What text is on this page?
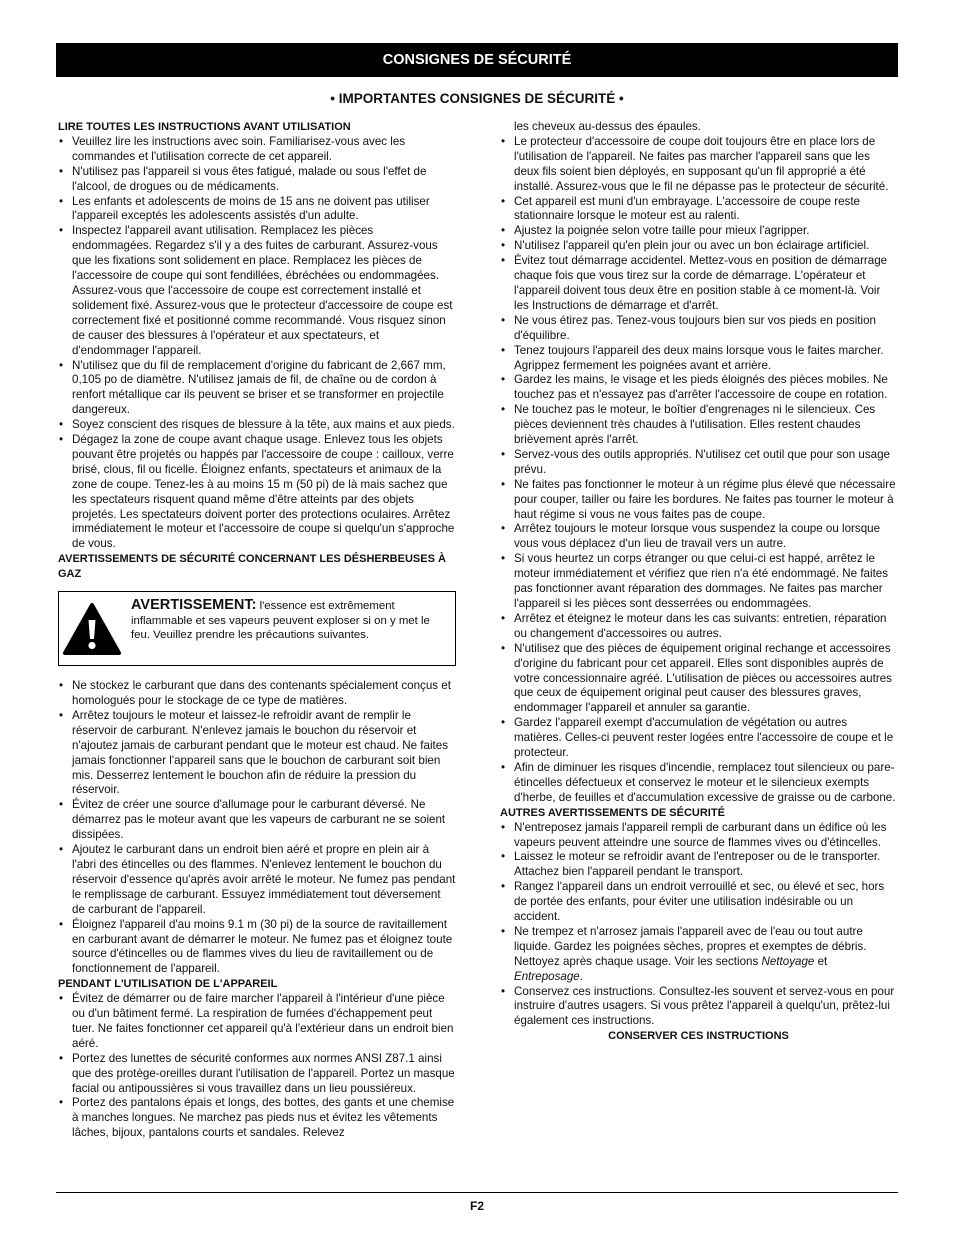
CONSIGNES DE SÉCURITÉ
• IMPORTANTES CONSIGNES DE SÉCURITÉ •

LIRE TOUTES LES INSTRUCTIONS AVANT UTILISATION

• Veuillez lire les instructions avec soin. Familiarisez-vous avec les commandes et l'utilisation correcte de cet appareil.
• N'utilisez pas l'appareil si vous êtes fatigué, malade ou sous l'effet de l'alcool, de drogues ou de médicaments.
• Les enfants et adolescents de moins de 15 ans ne doivent pas utiliser l'appareil exceptés les adolescents assistés d'un adulte.
• Inspectez l'appareil avant utilisation. Remplacez les pièces endommagées. Regardez s'il y a des fuites de carburant. Assurez-vous que les fixations sont solidement en place. Remplacez les pièces de l'accessoire de coupe qui sont fendillées, ébréchées ou endommagées. Assurez-vous que l'accessoire de coupe est correctement installé et solidement fixé. Assurez-vous que le protecteur d'accessoire de coupe est correctement fixé et positionné comme recommandé. Vous risquez sinon de causer des blessures à l'opérateur et aux spectateurs, et d'endommager l'appareil.
• N'utilisez que du fil de remplacement d'origine du fabricant de 2,667 mm, 0,105 po de diamètre. N'utilisez jamais de fil, de chaîne ou de cordon à renfort métallique car ils peuvent se briser et se transformer en projectile dangereux.
• Soyez conscient des risques de blessure à la tête, aux mains et aux pieds.
• Dégagez la zone de coupe avant chaque usage. Enlevez tous les objets pouvant être projetés ou happés par l'accessoire de coupe : cailloux, verre brisé, clous, fil ou ficelle. Éloignez enfants, spectateurs et animaux de la zone de coupe. Tenez-les à au moins 15 m (50 pi) de là mais sachez que les spectateurs risquent quand même d'être atteints par des objets projetés. Les spectateurs doivent porter des protections oculaires. Arrêtez immédiatement le moteur et l'accessoire de coupe si quelqu'un s'approche de vous.

AVERTISSEMENTS DE SÉCURITÉ CONCERNANT LES DÉSHERBEUSES À GAZ

AVERTISSEMENT: l'essence est extrêmement inflammable et ses vapeurs peuvent exploser si on y met le feu. Veuillez prendre les précautions suivantes.
• Ne stockez le carburant que dans des contenants spécialement conçus et homologués pour le stockage de ce type de matières.
• Arrêtez toujours le moteur et laissez-le refroidir avant de remplir le réservoir de carburant. N'enlevez jamais le bouchon du réservoir et n'ajoutez jamais de carburant pendant que le moteur est chaud. Ne faites jamais fonctionner l'appareil sans que le bouchon de carburant soit bien mis. Desserrez lentement le bouchon afin de réduire la pression du réservoir.
• Évitez de créer une source d'allumage pour le carburant déversé. Ne démarrez pas le moteur avant que les vapeurs de carburant ne se soient dissipées.
• Ajoutez le carburant dans un endroit bien aéré et propre en plein air à l'abri des étincelles ou des flammes. N'enlevez lentement le bouchon du réservoir d'essence qu'après avoir arrêté le moteur. Ne fumez pas pendant le remplissage de carburant. Essuyez immédiatement tout déversement de carburant de l'appareil.
• Éloignez l'appareil d'au moins 9.1 m (30 pi) de la source de ravitaillement en carburant avant de démarrer le moteur. Ne fumez pas et éloignez toute source d'étincelles ou de flammes vives du lieu de ravitaillement ou de fonctionnement de l'appareil.

PENDANT L'UTILISATION DE L'APPAREIL

• Évitez de démarrer ou de faire marcher l'appareil à l'intérieur d'une pièce ou d'un bâtiment fermé. La respiration de fumées d'échappement peut tuer. Ne faites fonctionner cet appareil qu'à l'extérieur dans un endroit bien aéré.
• Portez des lunettes de sécurité conformes aux normes ANSI Z87.1 ainsi que des protège-oreilles durant l'utilisation de l'appareil. Portez un masque facial ou antipoussières si vous travaillez dans un lieu poussiéreux.
• Portez des pantalons épais et longs, des bottes, des gants et une chemise à manches longues. Ne marchez pas pieds nus et évitez les vêtements lâches, bijoux, pantalons courts et sandales. Relevez

les cheveux au-dessus des épaules.

• Le protecteur d'accessoire de coupe doit toujours être en place lors de l'utilisation de l'appareil. Ne faites pas marcher l'appareil sans que les deux fils soient bien déployés, en supposant qu'un fil approprié a été installé. Assurez-vous que le fil ne dépasse pas le protecteur de sécurité.
• Cet appareil est muni d'un embrayage. L'accessoire de coupe reste stationnaire lorsque le moteur est au ralenti.
• Ajustez la poignée selon votre taille pour mieux l'agripper.
• N'utilisez l'appareil qu'en plein jour ou avec un bon éclairage artificiel.
• Évitez tout démarrage accidentel. Mettez-vous en position de démarrage chaque fois que vous tirez sur la corde de démarrage. L'opérateur et l'appareil doivent tous deux être en position stable à ce moment-là. Voir les Instructions de démarrage et d'arrêt.
• Ne vous étirez pas. Tenez-vous toujours bien sur vos pieds en position d'équilibre.
• Tenez toujours l'appareil des deux mains lorsque vous le faites marcher. Agrippez fermement les poignées avant et arrière.
• Gardez les mains, le visage et les pieds éloignés des pièces mobiles. Ne touchez pas et n'essayez pas d'arrêter l'accessoire de coupe en rotation.
• Ne touchez pas le moteur, le boîtier d'engrenages ni le silencieux. Ces pièces deviennent très chaudes à l'utilisation. Elles restent chaudes brièvement après l'arrêt.
• Servez-vous des outils appropriés. N'utilisez cet outil que pour son usage prévu.
• Ne faites pas fonctionner le moteur à un régime plus élevé que nécessaire pour couper, tailler ou faire les bordures. Ne faites pas tourner le moteur à haut régime si vous ne vous faites pas de coupe.
• Arrêtez toujours le moteur lorsque vous suspendez la coupe ou lorsque vous vous déplacez d'un lieu de travail vers un autre.
• Si vous heurtez un corps étranger ou que celui-ci est happé, arrêtez le moteur immédiatement et vérifiez que rien n'a été endommagé. Ne faites pas fonctionner avant réparation des dommages. Ne faites pas marcher l'appareil si les pièces sont desserrées ou endommagées.
• Arrêtez et éteignez le moteur dans les cas suivants: entretien, réparation ou changement d'accessoires ou autres.
• N'utilisez que des pièces de équipement original rechange et accessoires d'origine du fabricant pour cet appareil. Elles sont disponibles auprès de votre concessionnaire agréé. L'utilisation de pièces ou accessoires autres que ceux de équipement original peut causer des blessures graves, endommager l'appareil et annuler sa garantie.
• Gardez l'appareil exempt d'accumulation de végétation ou autres matières. Celles-ci peuvent rester logées entre l'accessoire de coupe et le protecteur.
• Afin de diminuer les risques d'incendie, remplacez tout silencieux ou pare-étincelles défectueux et conservez le moteur et le silencieux exempts d'herbe, de feuilles et d'accumulation excessive de graisse ou de carbone.

AUTRES AVERTISSEMENTS DE SÉCURITÉ

• N'entreposez jamais l'appareil rempli de carburant dans un édifice où les vapeurs peuvent atteindre une source de flammes vives ou d'étincelles.
• Laissez le moteur se refroidir avant de l'entreposer ou de le transporter. Attachez bien l'appareil pendant le transport.
• Rangez l'appareil dans un endroit verrouillé et sec, ou élevé et sec, hors de portée des enfants, pour éviter une utilisation indésirable ou un accident.
• Ne trempez et n'arrosez jamais l'appareil avec de l'eau ou tout autre liquide. Gardez les poignées sèches, propres et exemptes de débris. Nettoyez après chaque usage. Voir les sections Nettoyage et Entreposage.
• Conservez ces instructions. Consultez-les souvent et servez-vous en pour instruire d'autres usagers. Si vous prêtez l'appareil à quelqu'un, prêtez-lui également ces instructions.

CONSERVER CES INSTRUCTIONS

F2
